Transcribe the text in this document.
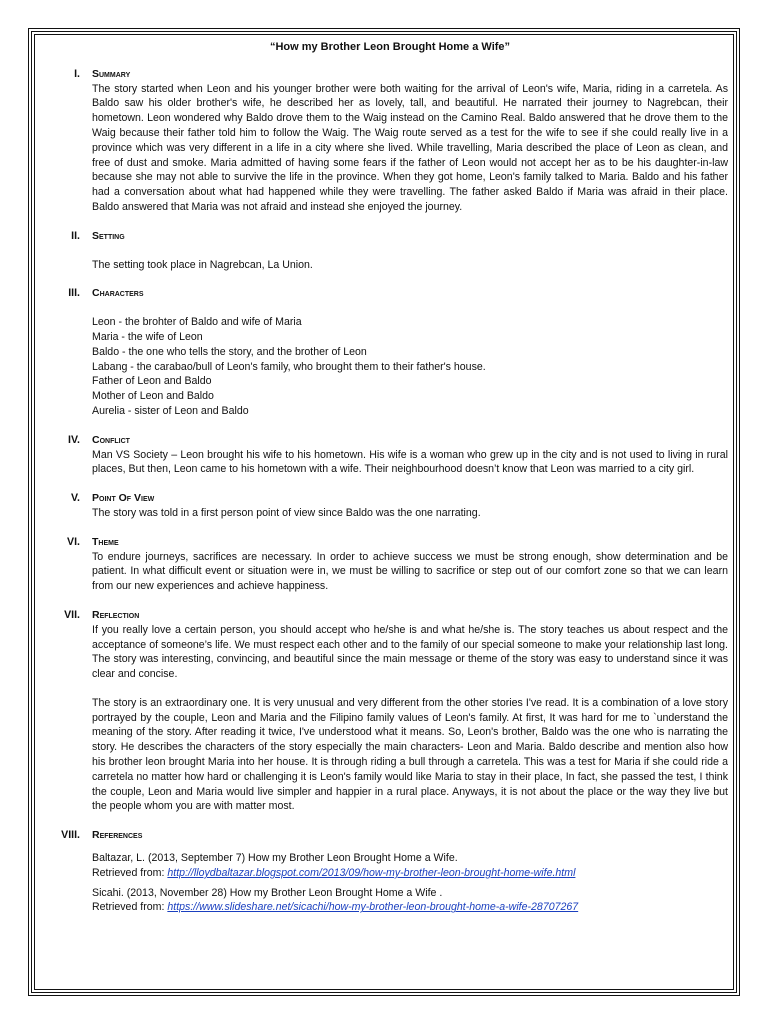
“How my Brother Leon Brought Home a Wife”
I. Summary

The story started when Leon and his younger brother were both waiting for the arrival of Leon's wife, Maria, riding in a carretela. As Baldo saw his older brother's wife, he described her as lovely, tall, and beautiful. He narrated their journey to Nagrebcan, their hometown. Leon wondered why Baldo drove them to the Waig instead on the Camino Real. Baldo answered that he drove them to the Waig because their father told him to follow the Waig. The Waig route served as a test for the wife to see if she could really live in a province which was very different in a life in a city where she lived. While travelling, Maria described the place of Leon as clean, and free of dust and smoke. Maria admitted of having some fears if the father of Leon would not accept her as to be his daughter-in-law because she may not able to survive the life in the province. When they got home, Leon's family talked to Maria. Baldo and his father had a conversation about what had happened while they were travelling. The father asked Baldo if Maria was afraid in their place. Baldo answered that Maria was not afraid and instead she enjoyed the journey.

II. Setting

The setting took place in Nagrebcan, La Union.

III. Characters

Leon - the brohter of Baldo and wife of Maria

Maria - the wife of Leon

Baldo - the one who tells the story, and the brother of Leon

Labang - the carabao/bull of Leon's family, who brought them to their father's house.

Father of Leon and Baldo

Mother of Leon and Baldo

Aurelia - sister of Leon and Baldo

IV. Conflict

Man VS Society – Leon brought his wife to his hometown. His wife is a woman who grew up in the city and is not used to living in rural places, But then, Leon came to his hometown with a wife. Their neighbourhood doesn’t know that Leon was married to a city girl.

V. Point Of View

The story was told in a first person point of view since Baldo was the one narrating.

VI. Theme

To endure journeys, sacrifices are necessary. In order to achieve success we must be strong enough, show determination and be patient. In what difficult event or situation were in, we must be willing to sacrifice or step out of our comfort zone so that we can learn from our new experiences and achieve happiness.

VII. Reflection

If you really love a certain person, you should accept who he/she is and what he/she is. The story teaches us about respect and the acceptance of someone’s life. We must respect each other and to the family of our special someone to make your relationship last long. The story was interesting, convincing, and beautiful since the main message or theme of the story was easy to understand since it was clear and concise.

The story is an extraordinary one. It is very unusual and very different from the other stories I've read. It is a combination of a love story portrayed by the couple, Leon and Maria and the Filipino family values of Leon's family. At first, It was hard for me to `understand the meaning of the story. After reading it twice, I've understood what it means. So, Leon's brother, Baldo was the one who is narrating the story. He describes the characters of the story especially the main characters- Leon and Maria. Baldo describe and mention also how his brother leon brought Maria into her house. It is through riding a bull through a carretela. This was a test for Maria if she could ride a carretela no matter how hard or challenging it is Leon's family would like Maria to stay in their place, In fact, she passed the test, I think the couple, Leon and Maria would live simpler and happier in a rural place. Anyways, it is not about the place or the way they live but the people whom you are with matter most.

VIII. References
Baltazar, L. (2013, September 7) How my Brother Leon Brought Home a Wife.
Retrieved from: http://lloydbaltazar.blogspot.com/2013/09/how-my-brother-leon-brought-home-wife.html
Sicahi. (2013, November 28) How my Brother Leon Brought Home a Wife .
Retrieved from: https://www.slideshare.net/sicachi/how-my-brother-leon-brought-home-a-wife-28707267
